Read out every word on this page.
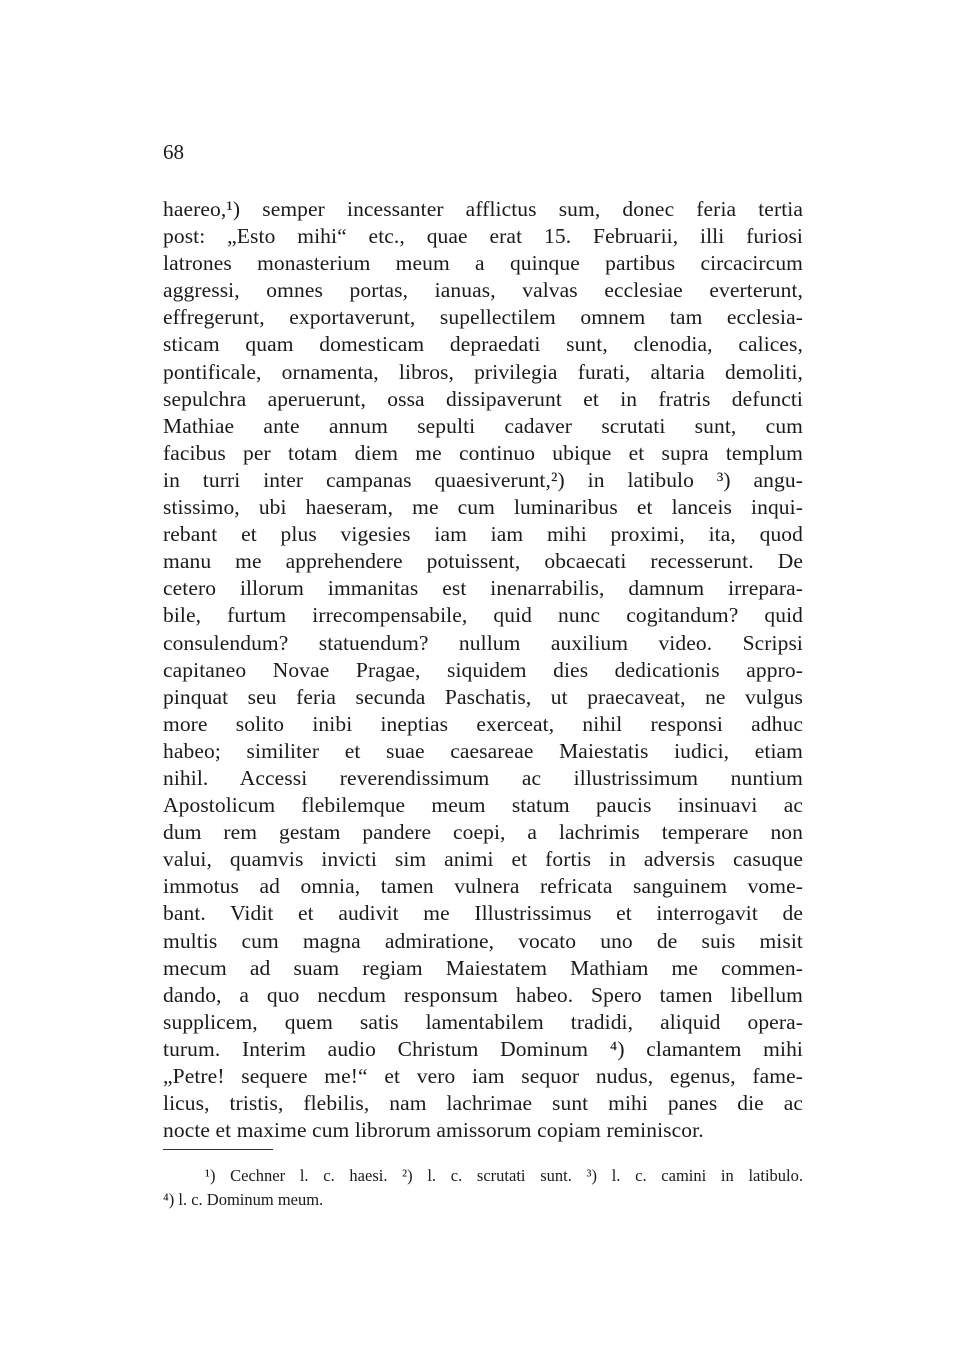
68
haereo,¹) semper incessanter afflictus sum, donec feria tertia
post: „Esto mihi“ etc., quae erat 15. Februarii, illi furiosi
latrones monasterium meum a quinque partibus circacircum
aggressi, omnes portas, ianuas, valvas ecclesiae everterunt,
effregerunt, exportaverunt, supellectilem omnem tam ecclesia-
sticam quam domesticam depraedati sunt, clenodia, calices,
pontificale, ornamenta, libros, privilegia furati, altaria demoliti,
sepulchra aperuerunt, ossa dissipaverunt et in fratris defuncti
Mathiae ante annum sepulti cadaver scrutati sunt, cum
facibus per totam diem me continuo ubique et supra templum
in turri inter campanas quaesiverunt,²) in latibulo ³) angu-
stissimo, ubi haeseram, me cum luminaribus et lanceis inqui-
rebant et plus vigesies iam iam mihi proximi, ita, quod
manu me apprehendere potuissent, obcaecati recesserunt. De
cetero illorum immanitas est inenarrabilis, damnum irrepara-
bile, furtum irrecompensabile, quid nunc cogitandum? quid
consulendum? statuendum? nullum auxilium video. Scripsi
capitaneo Novae Pragae, siquidem dies dedicationis appro-
pinquat seu feria secunda Paschatis, ut praecaveat, ne vulgus
more solito inibi ineptias exerceat, nihil responsi adhuc
habeo; similiter et suae caesareae Maiestatis iudici, etiam
nihil. Accessi reverendissimum ac illustrissimum nuntium
Apostolicum flebilemque meum statum paucis insinuavi ac
dum rem gestam pandere coepi, a lachrimis temperare non
valui, quamvis invicti sim animi et fortis in adversis casuque
immotus ad omnia, tamen vulnera refricata sanguinem vome-
bant. Vidit et audivit me Illustrissimus et interrogavit de
multis cum magna admiratione, vocato uno de suis misit
mecum ad suam regiam Maiestatem Mathiam me commen-
dando, a quo necdum responsum habeo. Spero tamen libellum
supplicem, quem satis lamentabilem tradidi, aliquid opera-
turum. Interim audio Christum Dominum ⁴) clamantem mihi
„Petre! sequere me!“ et vero iam sequor nudus, egenus, fame-
licus, tristis, flebilis, nam lachrimae sunt mihi panes die ac
nocte et maxime cum librorum amissorum copiam reminiscor.
¹) Cechner l. c. haesi. ²) l. c. scrutati sunt. ³) l. c. camini in latibulo.
⁴) l. c. Dominum meum.
